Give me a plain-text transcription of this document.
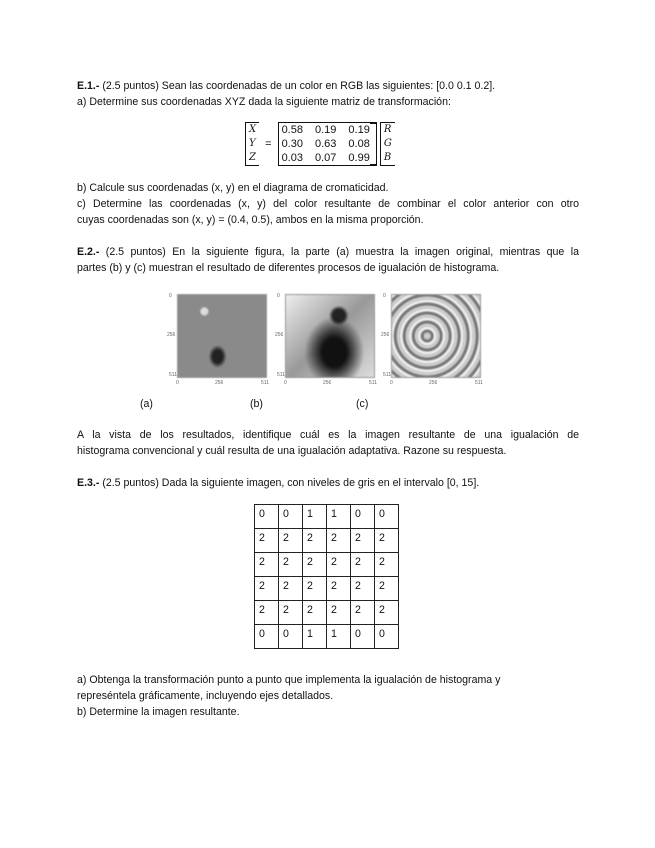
E.1.- (2.5 puntos) Sean las coordenadas de un color en RGB las siguientes: [0.0 0.1 0.2].
a) Determine sus coordenadas XYZ dada la siguiente matriz de transformación:
X
Y
Z
=
0.58 0.19 0.19
0.30 0.63 0.08
0.03 0.07 0.99
R
G
B
b) Calcule sus coordenadas (x, y) en el diagrama de cromaticidad.
c) Determine las coordenadas (x, y) del color resultante de combinar el color anterior con otro
cuyas coordenadas son (x, y) = (0.4, 0.5), ambos en la misma proporción.
E.2.- (2.5 puntos) En la siguiente figura, la parte (a) muestra la imagen original, mientras que la
partes (b) y (c) muestran el resultado de diferentes procesos de igualación de histograma.
0
256
511
0	256	511
0
256
511
0	256	511
0
256
511
0	256	511
(a)	(b)	(c)
A la vista de los resultados, identifique cuál es la imagen resultante de una igualación de
histograma convencional y cuál resulta de una igualación adaptativa. Razone su respuesta.
E.3.- (2.5 puntos) Dada la siguiente imagen, con niveles de gris en el intervalo [0, 15].
0	0	1	1	0	0
2	2	2	2	2	2
2	2	2	2	2	2
2	2	2	2	2	2
2	2	2	2	2	2
0	0	1	1	0	0
a) Obtenga la transformación punto a punto que implementa la igualación de histograma y
represéntela gráficamente, incluyendo ejes detallados.
b) Determine la imagen resultante.
